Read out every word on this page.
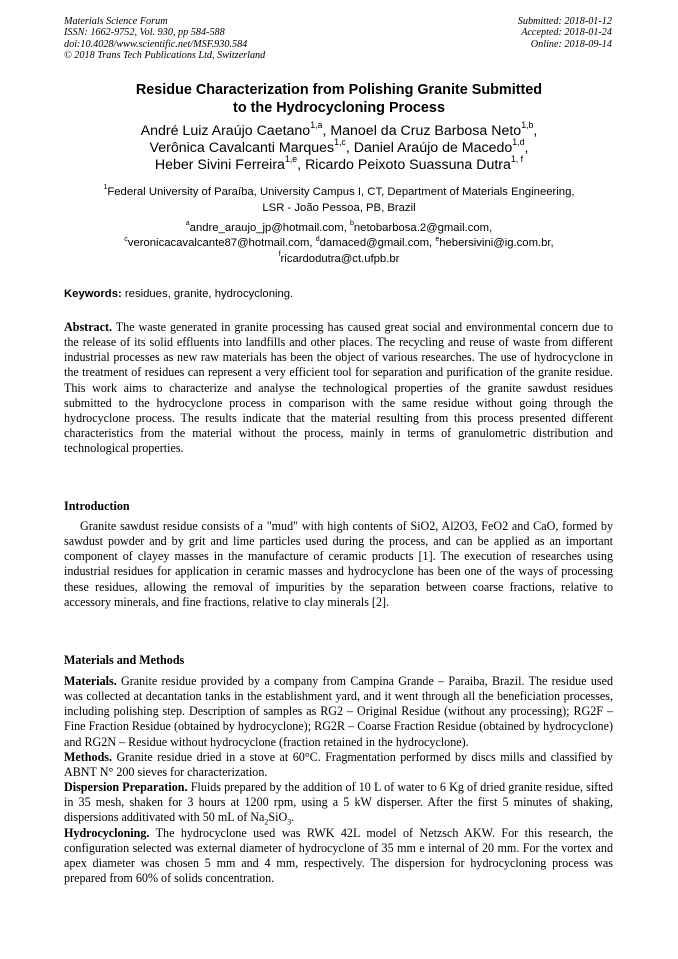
Materials Science Forum
ISSN: 1662-9752, Vol. 930, pp 584-588
doi:10.4028/www.scientific.net/MSF.930.584
© 2018 Trans Tech Publications Ltd, Switzerland
Submitted: 2018-01-12
Accepted: 2018-01-24
Online: 2018-09-14
Residue Characterization from Polishing Granite Submitted
to the Hydrocycloning Process
André Luiz Araújo Caetano$^{1,a}$, Manoel da Cruz Barbosa Neto$^{1,b}$,
Verônica Cavalcanti Marques$^{1,c}$, Daniel Araújo de Macedo$^{1,d}$,
Heber Sivini Ferreira$^{1,e}$, Ricardo Peixoto Suassuna Dutra$^{1, f}$
$^1$Federal University of Paraíba, University Campus I, CT, Department of Materials Engineering,
LSR - João Pessoa, PB, Brazil
$^a$andre_araujo_jp@hotmail.com, $^b$netobarbosa.2@gmail.com,
$^c$veronicacavalcante87@hotmail.com, $^d$damaced@gmail.com, $^e$hebersivini@ig.com.br,
$^f$ricardodutra@ct.ufpb.br
Keywords: residues, granite, hydrocycloning.

Abstract. The waste generated in granite processing has caused great social and environmental concern due to the release of its solid effluents into landfills and other places. The recycling and reuse of waste from different industrial processes as new raw materials has been the object of various researches. The use of hydrocyclone in the treatment of residues can represent a very efficient tool for separation and purification of the granite residue. This work aims to characterize and analyse the technological properties of the granite sawdust residues submitted to the hydrocyclone process in comparison with the same residue without going through the hydrocyclone process. The results indicate that the material resulting from this process presented different characteristics from the material without the process, mainly in terms of granulometric distribution and technological properties.

Introduction

Granite sawdust residue consists of a "mud" with high contents of SiO2, Al2O3, FeO2 and CaO, formed by sawdust powder and by grit and lime particles used during the process, and can be applied as an important component of clayey masses in the manufacture of ceramic products [1]. The execution of researches using industrial residues for application in ceramic masses and hydrocyclone has been one of the ways of processing these residues, allowing the removal of impurities by the separation between coarse fractions, relative to accessory minerals, and fine fractions, relative to clay minerals [2].

Materials and Methods

Materials. Granite residue provided by a company from Campina Grande – Paraiba, Brazil. The residue used was collected at decantation tanks in the establishment yard, and it went through all the beneficiation processes, including polishing step. Description of samples as RG2 – Original Residue (without any processing); RG2F – Fine Fraction Residue (obtained by hydrocyclone); RG2R – Coarse Fraction Residue (obtained by hydrocyclone) and RG2N – Residue without hydrocyclone (fraction retained in the hydrocyclone).

Methods. Granite residue dried in a stove at 60°C. Fragmentation performed by discs mills and classified by ABNT N° 200 sieves for characterization.

Dispersion Preparation. Fluids prepared by the addition of 10 L of water to 6 Kg of dried granite residue, sifted in 35 mesh, shaken for 3 hours at 1200 rpm, using a 5 kW disperser. After the first 5 minutes of shaking, dispersions additivated with 50 mL of $Na_2SiO_3$.

Hydrocycloning. The hydrocyclone used was RWK 42L model of Netzsch AKW. For this research, the configuration selected was external diameter of hydrocyclone of 35 mm e internal of 20 mm. For the vortex and apex diameter was chosen 5 mm and 4 mm, respectively. The dispersion for hydrocycloning process was prepared from 60% of solids concentration.
